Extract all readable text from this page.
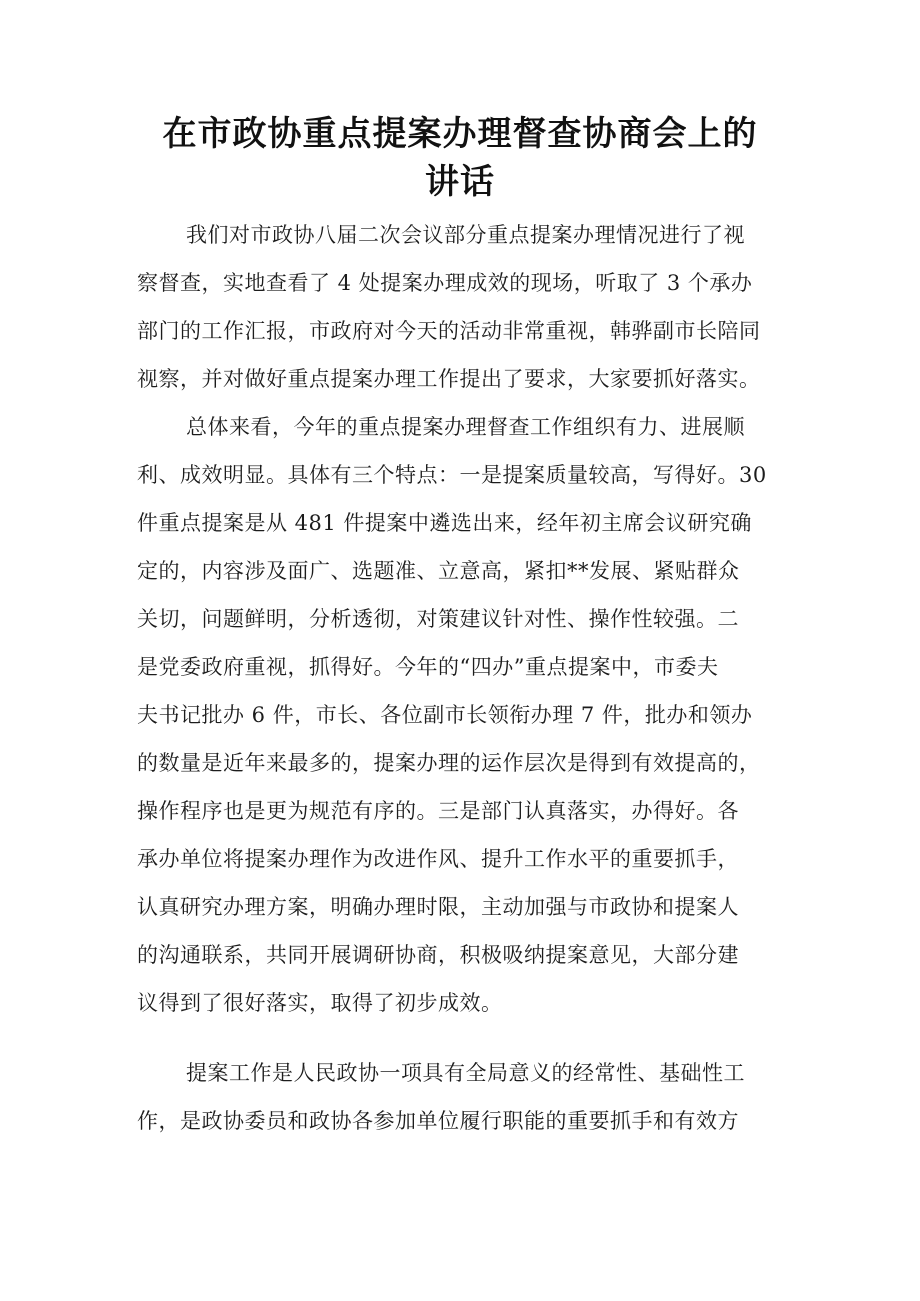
在市政协重点提案办理督查协商会上的
讲话
我们对市政协八届二次会议部分重点提案办理情况进行了视
察督查，实地查看了 4 处提案办理成效的现场，听取了 3 个承办
部门的工作汇报，市政府对今天的活动非常重视，韩骅副市长陪同
视察，并对做好重点提案办理工作提出了要求，大家要抓好落实。
总体来看，今年的重点提案办理督查工作组织有力、进展顺
利、成效明显。具体有三个特点：一是提案质量较高，写得好。30
件重点提案是从 481 件提案中遴选出来，经年初主席会议研究确
定的，内容涉及面广、选题准、立意高，紧扣**发展、紧贴群众
关切，问题鲜明，分析透彻，对策建议针对性、操作性较强。二
是党委政府重视，抓得好。今年的“四办”重点提案中，市委夫
夫书记批办 6 件，市长、各位副市长领衔办理 7 件，批办和领办
的数量是近年来最多的，提案办理的运作层次是得到有效提高的，
操作程序也是更为规范有序的。三是部门认真落实，办得好。各
承办单位将提案办理作为改进作风、提升工作水平的重要抓手，
认真研究办理方案，明确办理时限，主动加强与市政协和提案人
的沟通联系，共同开展调研协商，积极吸纳提案意见，大部分建
议得到了很好落实，取得了初步成效。
提案工作是人民政协一项具有全局意义的经常性、基础性工
作，是政协委员和政协各参加单位履行职能的重要抓手和有效方
